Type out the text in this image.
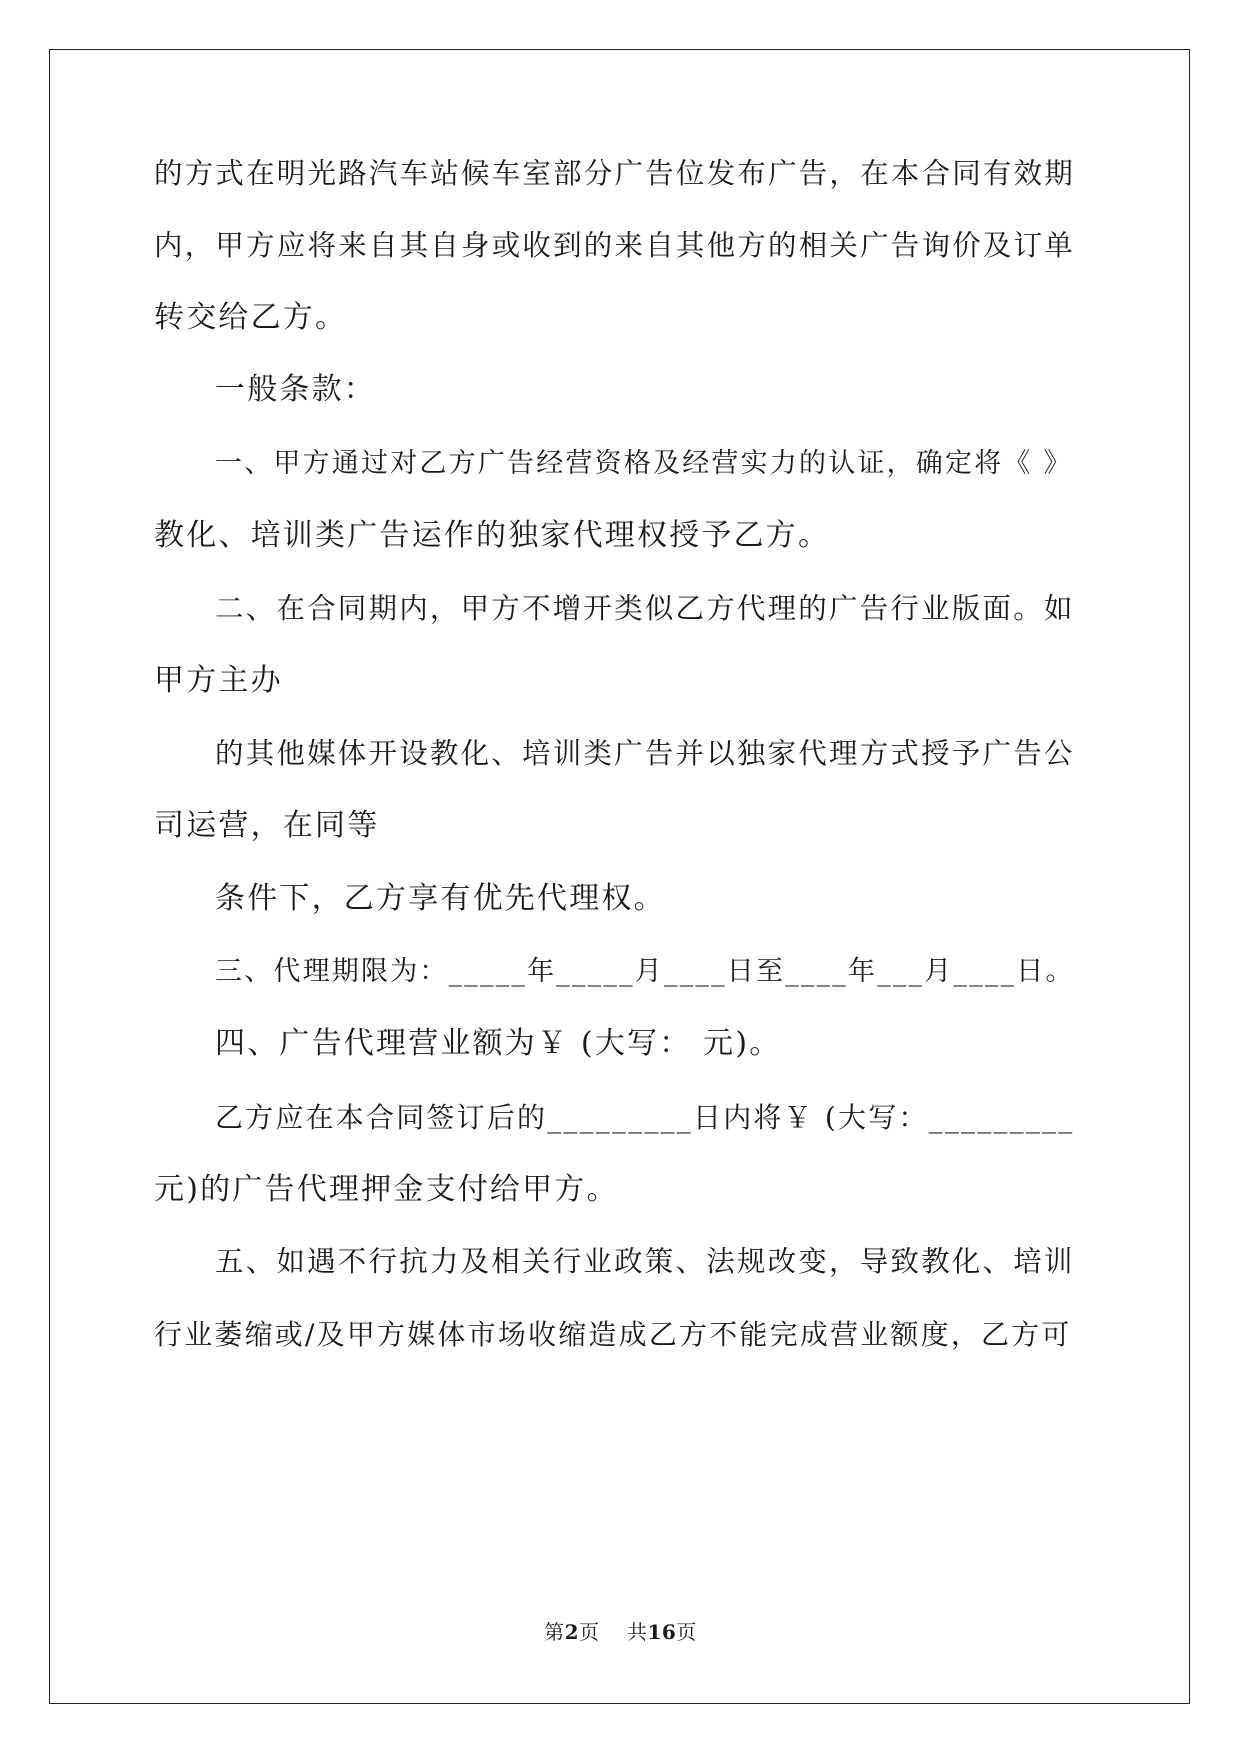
的方式在明光路汽车站候车室部分广告位发布广告，在本合同有效期
内，甲方应将来自其自身或收到的来自其他方的相关广告询价及订单
转交给乙方。
一般条款：
一、甲方通过对乙方广告经营资格及经营实力的认证，确定将《 》
教化、培训类广告运作的独家代理权授予乙方。
二、在合同期内，甲方不增开类似乙方代理的广告行业版面。如
甲方主办
的其他媒体开设教化、培训类广告并以独家代理方式授予广告公
司运营，在同等
条件下，乙方享有优先代理权。
三、代理期限为：_____年_____月____日至____年___月____日。
四、广告代理营业额为￥ (大写： 元)。
乙方应在本合同签订后的_________日内将￥ (大写：_________
元)的广告代理押金支付给甲方。
五、如遇不行抗力及相关行业政策、法规改变，导致教化、培训
行业萎缩或/及甲方媒体市场收缩造成乙方不能完成营业额度，乙方可
第2页 共16页
